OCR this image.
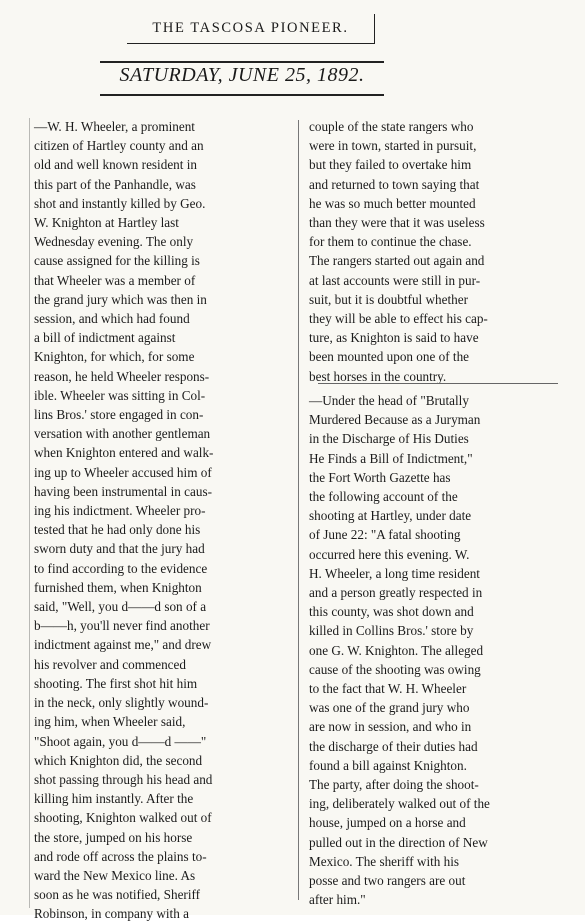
THE TASCOSA PIONEER.
SATURDAY, JUNE 25, 1892.
—W. H. Wheeler, a prominent
citizen of Hartley county and an
old and well known resident in
this part of the Panhandle, was
shot and instantly killed by Geo.
W. Knighton at Hartley last
Wednesday evening. The only
cause assigned for the killing is
that Wheeler was a member of
the grand jury which was then in
session, and which had found
a bill of indictment against
Knighton, for which, for some
reason, he held Wheeler respons-
ible. Wheeler was sitting in Col-
lins Bros.' store engaged in con-
versation with another gentleman
when Knighton entered and walk-
ing up to Wheeler accused him of
having been instrumental in caus-
ing his indictment. Wheeler pro-
tested that he had only done his
sworn duty and that the jury had
to find according to the evidence
furnished them, when Knighton
said, "Well, you d——d son of a
b——h, you'll never find another
indictment against me," and drew
his revolver and commenced
shooting. The first shot hit him
in the neck, only slightly wound-
ing him, when Wheeler said,
"Shoot again, you d——d ——"
which Knighton did, the second
shot passing through his head and
killing him instantly. After the
shooting, Knighton walked out of
the store, jumped on his horse
and rode off across the plains to-
ward the New Mexico line. As
soon as he was notified, Sheriff
Robinson, in company with a
couple of the state rangers who
were in town, started in pursuit,
but they failed to overtake him
and returned to town saying that
he was so much better mounted
than they were that it was useless
for them to continue the chase.
The rangers started out again and
at last accounts were still in pur-
suit, but it is doubtful whether
they will be able to effect his cap-
ture, as Knighton is said to have
been mounted upon one of the
best horses in the country.
—Under the head of "Brutally
Murdered Because as a Juryman
in the Discharge of His Duties
He Finds a Bill of Indictment,"
the Fort Worth Gazette has
the following account of the
shooting at Hartley, under date
of June 22: "A fatal shooting
occurred here this evening. W.
H. Wheeler, a long time resident
and a person greatly respected in
this county, was shot down and
killed in Collins Bros.' store by
one G. W. Knighton. The alleged
cause of the shooting was owing
to the fact that W. H. Wheeler
was one of the grand jury who
are now in session, and who in
the discharge of their duties had
found a bill against Knighton.
The party, after doing the shoot-
ing, deliberately walked out of the
house, jumped on a horse and
pulled out in the direction of New
Mexico. The sheriff with his
posse and two rangers are out
after him."
